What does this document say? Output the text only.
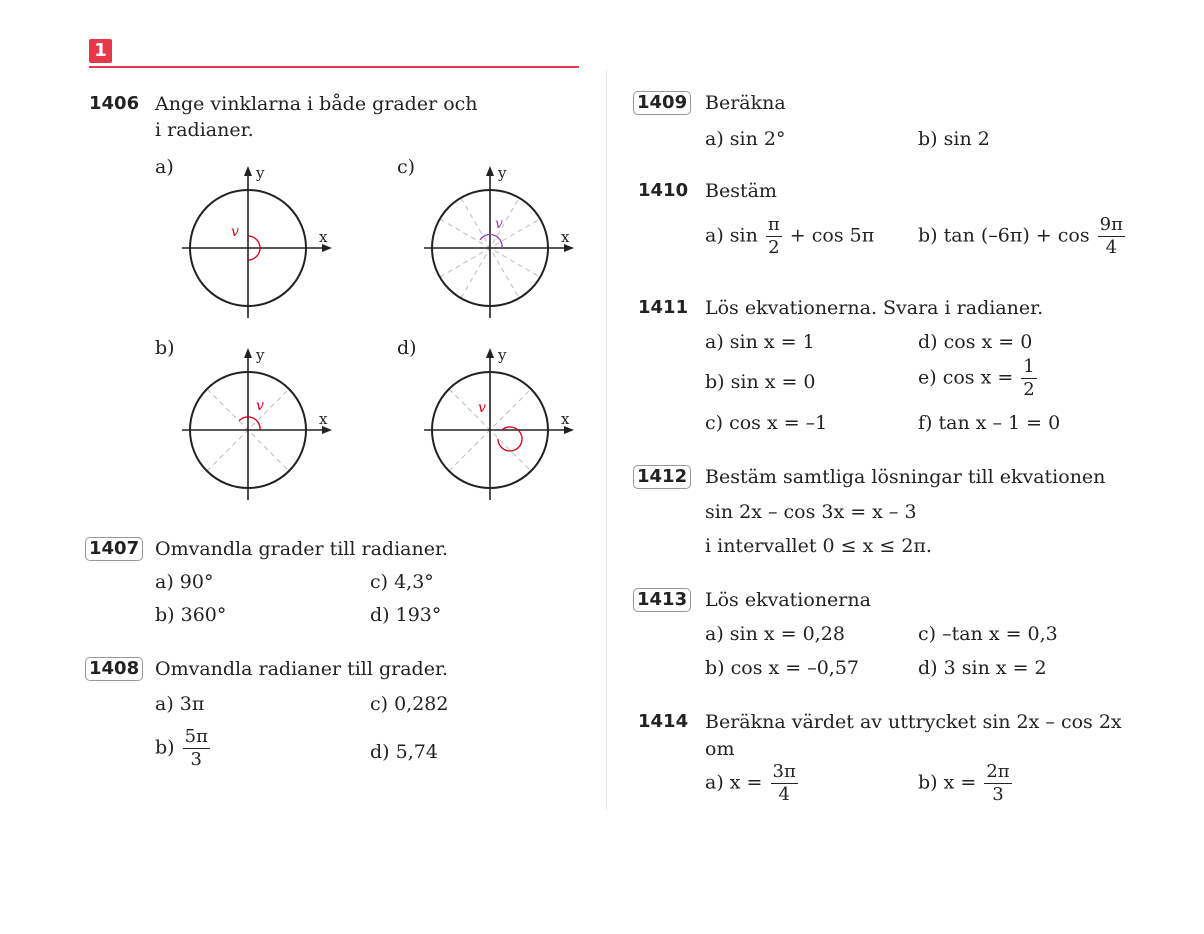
1
1406 Ange vinklarna i både grader och
i radianer.
a)	c)
b)	d)
y
x
v
y
x
v
y
x
v
y
x
v
1407 Omvandla grader till radianer.
a) 90°	c) 4,3°
b) 360°	d) 193°
1408 Omvandla radianer till grader.
a) 3π	c) 0,282
$b) \frac{5\pi}{3}$	d) 5,74
1409 Beräkna
a) sin 2°	b) sin 2
1410 Bestäm
a) $\sin \frac{\pi}{2} + \cos 5\pi$ b) $\tan (-6\pi) + \cos \frac{9\pi}{4}$
1411 Lös ekvationerna. Svara i radianer.
a) sin x = 1	d) cos x = 0
b) sin x = 0	e) $\cos x = \frac{1}{2}$
c) cos x = –1	f) tan x – 1 = 0
1412 Bestäm samtliga lösningar till ekvationen
sin 2x – cos 3x = x – 3
i intervallet 0 ≤ x ≤ 2π.
1413 Lös ekvationerna
a) sin x = 0,28	c) –tan x = 0,3
b) cos x = –0,57	d) 3 sin x = 2
1414 Beräkna värdet av uttrycket sin 2x – cos 2x
om
a) $x = \frac{3\pi}{4}$	b) $x = \frac{2\pi}{3}$
